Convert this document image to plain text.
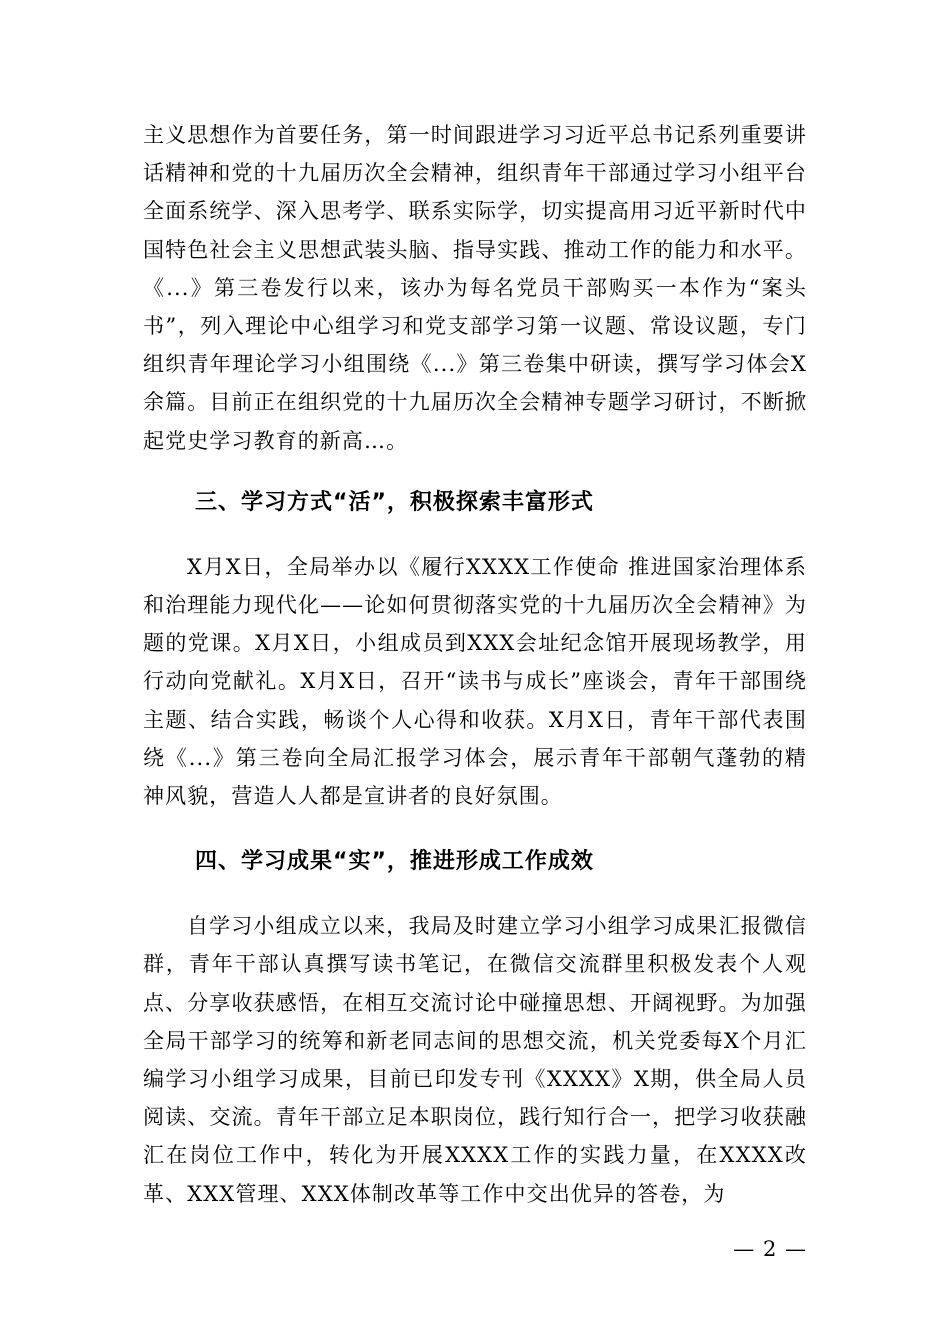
主义思想作为首要任务，第一时间跟进学习习近平总书记系列重要讲话精神和党的十九届历次全会精神，组织青年干部通过学习小组平台全面系统学、深入思考学、联系实际学，切实提高用习近平新时代中国特色社会主义思想武装头脑、指导实践、推动工作的能力和水平。《...》第三卷发行以来，该办为每名党员干部购买一本作为“案头书”，列入理论中心组学习和党支部学习第一议题、常设议题，专门组织青年理论学习小组围绕《...》第三卷集中研读，撰写学习体会X余篇。目前正在组织党的十九届历次全会精神专题学习研讨，不断掀起党史学习教育的新高…。

三、学习方式“活”，积极探索丰富形式

X月X日，全局举办以《履行XXXX工作使命 推进国家治理体系和治理能力现代化——论如何贯彻落实党的十九届历次全会精神》为题的党课。X月X日，小组成员到XXX会址纪念馆开展现场教学，用行动向党献礼。X月X日，召开“读书与成长”座谈会，青年干部围绕主题、结合实践，畅谈个人心得和收获。X月X日，青年干部代表围绕《...》第三卷向全局汇报学习体会，展示青年干部朝气蓬勃的精神风貌，营造人人都是宣讲者的良好氛围。

四、学习成果“实”，推进形成工作成效

自学习小组成立以来，我局及时建立学习小组学习成果汇报微信群，青年干部认真撰写读书笔记，在微信交流群里积极发表个人观点、分享收获感悟，在相互交流讨论中碰撞思想、开阔视野。为加强全局干部学习的统筹和新老同志间的思想交流，机关党委每X个月汇编学习小组学习成果，目前已印发专刊《XXXX》X期，供全局人员阅读、交流。青年干部立足本职岗位，践行知行合一，把学习收获融汇在岗位工作中，转化为开展XXXX工作的实践力量，在XXXX改革、XXX管理、XXX体制改革等工作中交出优异的答卷，为

— 2 —
